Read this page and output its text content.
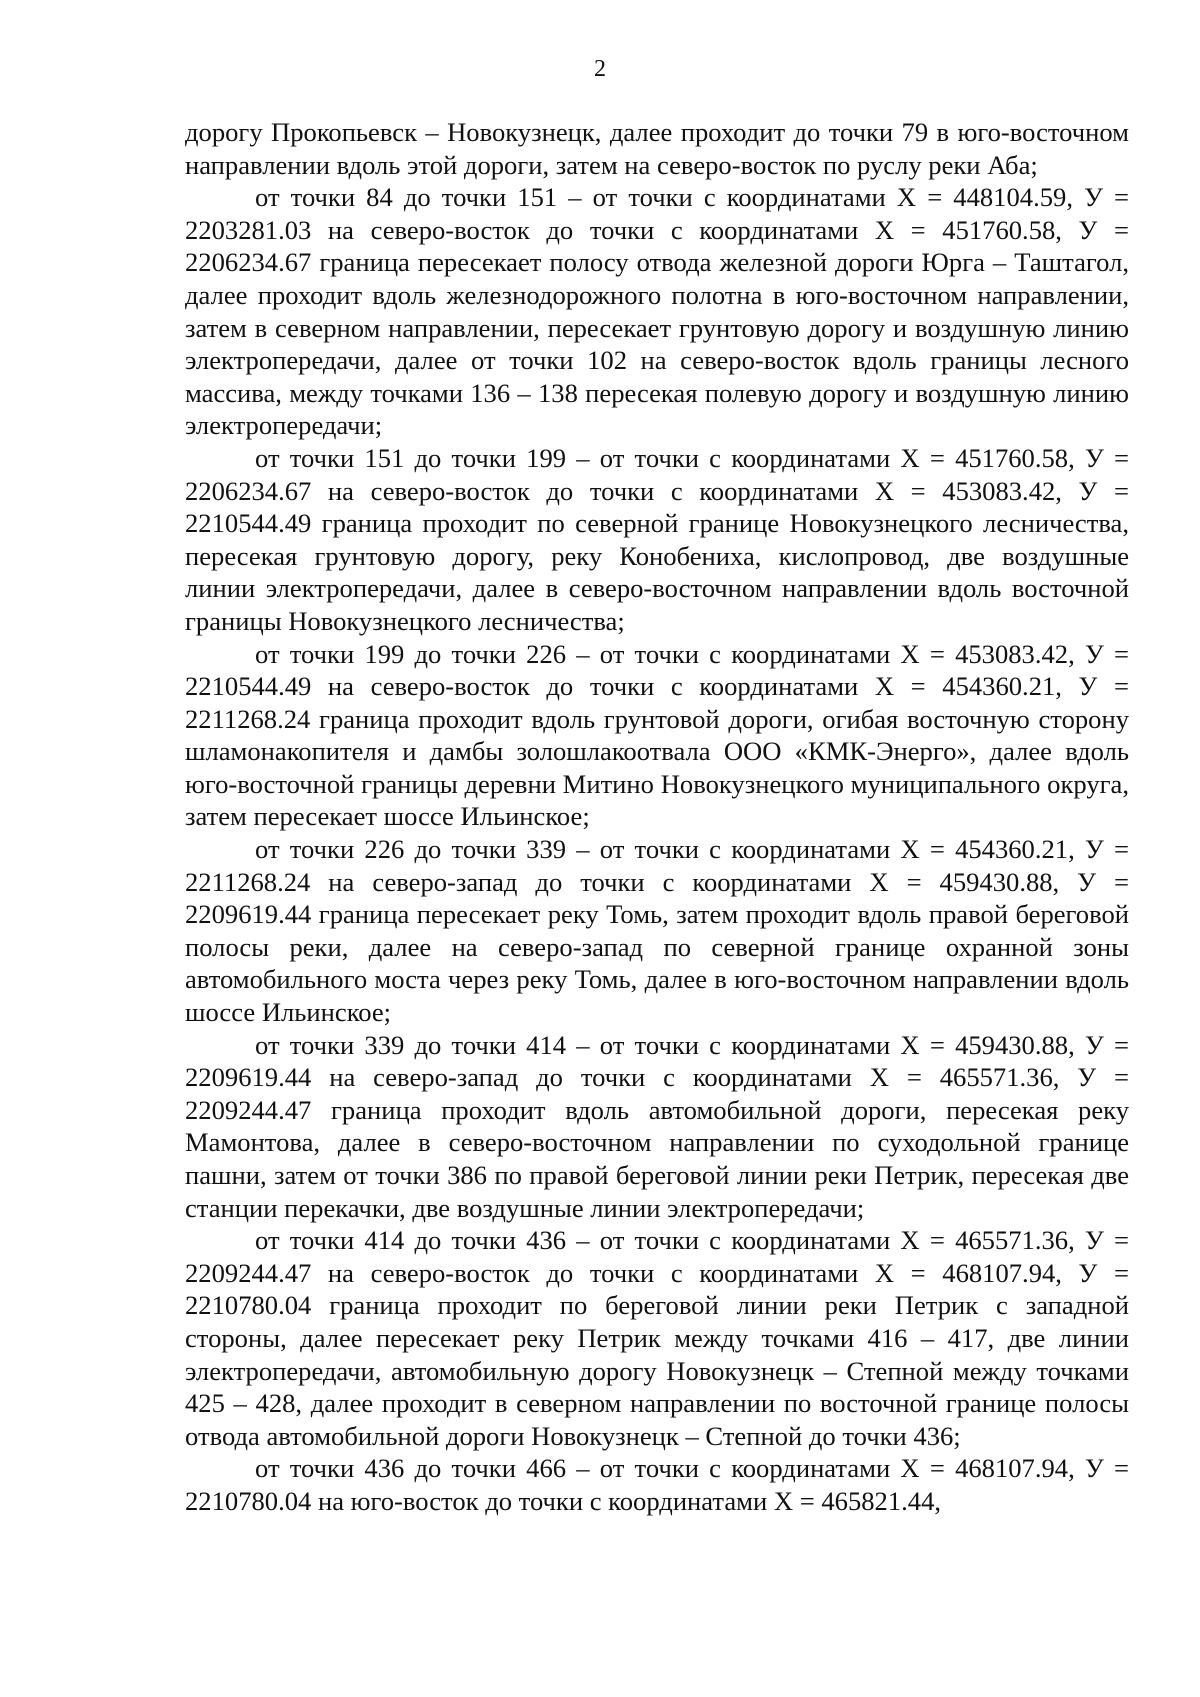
2

дорогу Прокопьевск – Новокузнецк, далее проходит до точки 79 в юго-восточном направлении вдоль этой дороги, затем на северо-восток по руслу реки Аба;

от точки 84 до точки 151 – от точки с координатами Х = 448104.59, У = 2203281.03 на северо-восток до точки с координатами Х = 451760.58, У = 2206234.67 граница пересекает полосу отвода железной дороги Юрга – Таштагол, далее проходит вдоль железнодорожного полотна в юго-восточном направлении, затем в северном направлении, пересекает грунтовую дорогу и воздушную линию электропередачи, далее от точки 102 на северо-восток вдоль границы лесного массива, между точками 136 – 138 пересекая полевую дорогу и воздушную линию электропередачи;

от точки 151 до точки 199 – от точки с координатами Х = 451760.58, У = 2206234.67 на северо-восток до точки с координатами Х = 453083.42, У = 2210544.49 граница проходит по северной границе Новокузнецкого лесничества, пересекая грунтовую дорогу, реку Конобениха, кислопровод, две воздушные линии электропередачи, далее в северо-восточном направлении вдоль восточной границы Новокузнецкого лесничества;

от точки 199 до точки 226 – от точки с координатами Х = 453083.42, У = 2210544.49 на северо-восток до точки с координатами Х = 454360.21, У = 2211268.24 граница проходит вдоль грунтовой дороги, огибая восточную сторону шламонакопителя и дамбы золошлакоотвала ООО «КМК-Энерго», далее вдоль юго-восточной границы деревни Митино Новокузнецкого муниципального округа, затем пересекает шоссе Ильинское;

от точки 226 до точки 339 – от точки с координатами Х = 454360.21, У = 2211268.24 на северо-запад до точки с координатами Х = 459430.88, У = 2209619.44 граница пересекает реку Томь, затем проходит вдоль правой береговой полосы реки, далее на северо-запад по северной границе охранной зоны автомобильного моста через реку Томь, далее в юго-восточном направлении вдоль шоссе Ильинское;

от точки 339 до точки 414 – от точки с координатами Х = 459430.88, У = 2209619.44 на северо-запад до точки с координатами Х = 465571.36, У = 2209244.47 граница проходит вдоль автомобильной дороги, пересекая реку Мамонтова, далее в северо-восточном направлении по суходольной границе пашни, затем от точки 386 по правой береговой линии реки Петрик, пересекая две станции перекачки, две воздушные линии электропередачи;

от точки 414 до точки 436 – от точки с координатами Х = 465571.36, У = 2209244.47 на северо-восток до точки с координатами Х = 468107.94, У = 2210780.04 граница проходит по береговой линии реки Петрик с западной стороны, далее пересекает реку Петрик между точками 416 – 417, две линии электропередачи, автомобильную дорогу Новокузнецк – Степной между точками 425 – 428, далее проходит в северном направлении по восточной границе полосы отвода автомобильной дороги Новокузнецк – Степной до точки 436;

от точки 436 до точки 466 – от точки с координатами Х = 468107.94, У = 2210780.04 на юго-восток до точки с координатами Х = 465821.44,
